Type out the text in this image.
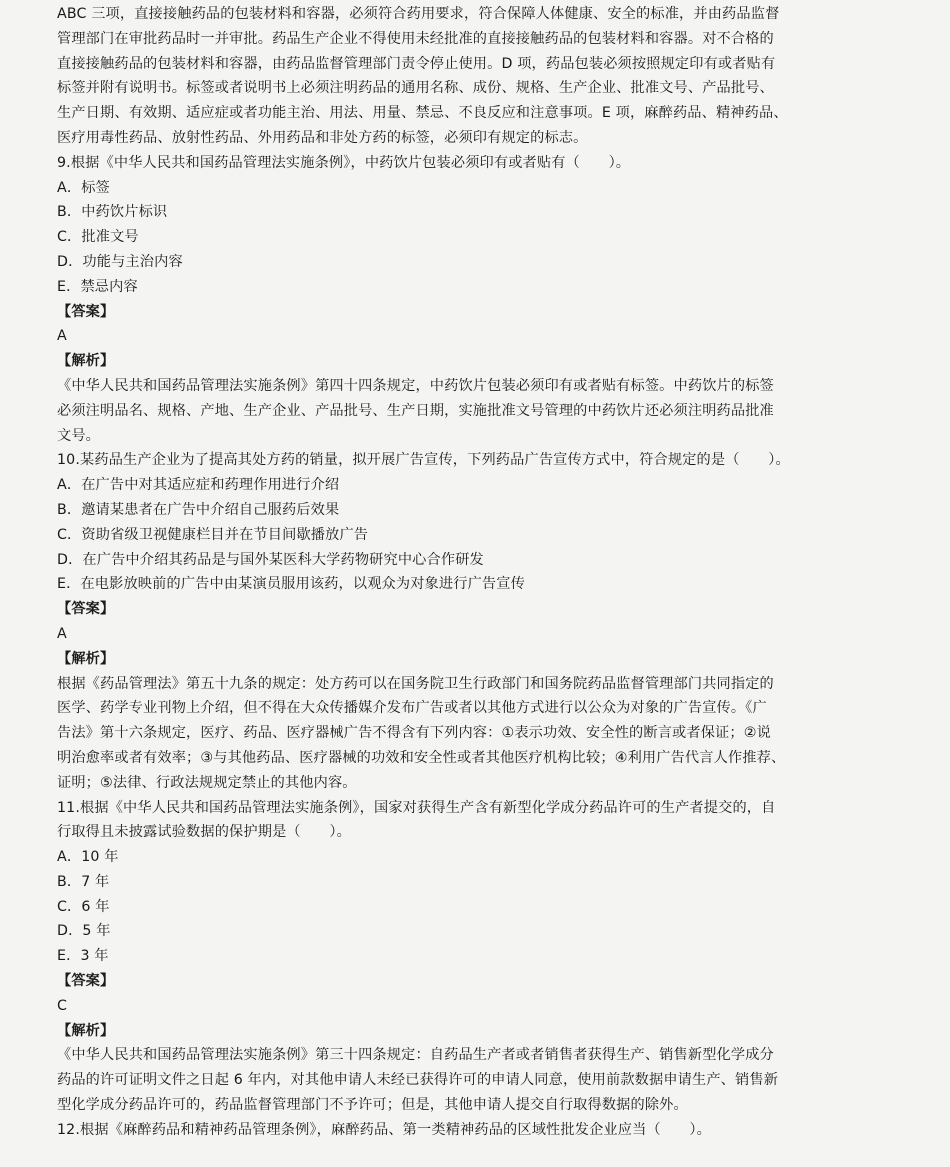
ABC 三项，直接接触药品的包装材料和容器，必须符合药用要求，符合保障人体健康、安全的标准，并由药品监督
管理部门在审批药品时一并审批。药品生产企业不得使用未经批准的直接接触药品的包装材料和容器。对不合格的
直接接触药品的包装材料和容器，由药品监督管理部门责令停止使用。D 项，药品包装必须按照规定印有或者贴有
标签并附有说明书。标签或者说明书上必须注明药品的通用名称、成份、规格、生产企业、批准文号、产品批号、
生产日期、有效期、适应症或者功能主治、用法、用量、禁忌、不良反应和注意事项。E 项，麻醉药品、精神药品、
医疗用毒性药品、放射性药品、外用药品和非处方药的标签，必须印有规定的标志。
9.根据《中华人民共和国药品管理法实施条例》，中药饮片包装必须印有或者贴有（　　）。
A．标签
B．中药饮片标识
C．批准文号
D．功能与主治内容
E．禁忌内容
【答案】
A
【解析】
《中华人民共和国药品管理法实施条例》第四十四条规定，中药饮片包装必须印有或者贴有标签。中药饮片的标签
必须注明品名、规格、产地、生产企业、产品批号、生产日期，实施批准文号管理的中药饮片还必须注明药品批准
文号。
10.某药品生产企业为了提高其处方药的销量，拟开展广告宣传，下列药品广告宣传方式中，符合规定的是（　　）。
A．在广告中对其适应症和药理作用进行介绍
B．邀请某患者在广告中介绍自己服药后效果
C．资助省级卫视健康栏目并在节目间歇播放广告
D．在广告中介绍其药品是与国外某医科大学药物研究中心合作研发
E．在电影放映前的广告中由某演员服用该药，以观众为对象进行广告宣传
【答案】
A
【解析】
根据《药品管理法》第五十九条的规定：处方药可以在国务院卫生行政部门和国务院药品监督管理部门共同指定的
医学、药学专业刊物上介绍，但不得在大众传播媒介发布广告或者以其他方式进行以公众为对象的广告宣传。《广
告法》第十六条规定，医疗、药品、医疗器械广告不得含有下列内容：①表示功效、安全性的断言或者保证；②说
明治愈率或者有效率；③与其他药品、医疗器械的功效和安全性或者其他医疗机构比较；④利用广告代言人作推荐、
证明；⑤法律、行政法规规定禁止的其他内容。
11.根据《中华人民共和国药品管理法实施条例》，国家对获得生产含有新型化学成分药品许可的生产者提交的，自
行取得且未披露试验数据的保护期是（　　）。
A．10 年
B．7 年
C．6 年
D．5 年
E．3 年
【答案】
C
【解析】
《中华人民共和国药品管理法实施条例》第三十四条规定：自药品生产者或者销售者获得生产、销售新型化学成分
药品的许可证明文件之日起 6 年内，对其他申请人未经已获得许可的申请人同意，使用前款数据申请生产、销售新
型化学成分药品许可的，药品监督管理部门不予许可；但是，其他申请人提交自行取得数据的除外。
12.根据《麻醉药品和精神药品管理条例》，麻醉药品、第一类精神药品的区域性批发企业应当（　　）。
